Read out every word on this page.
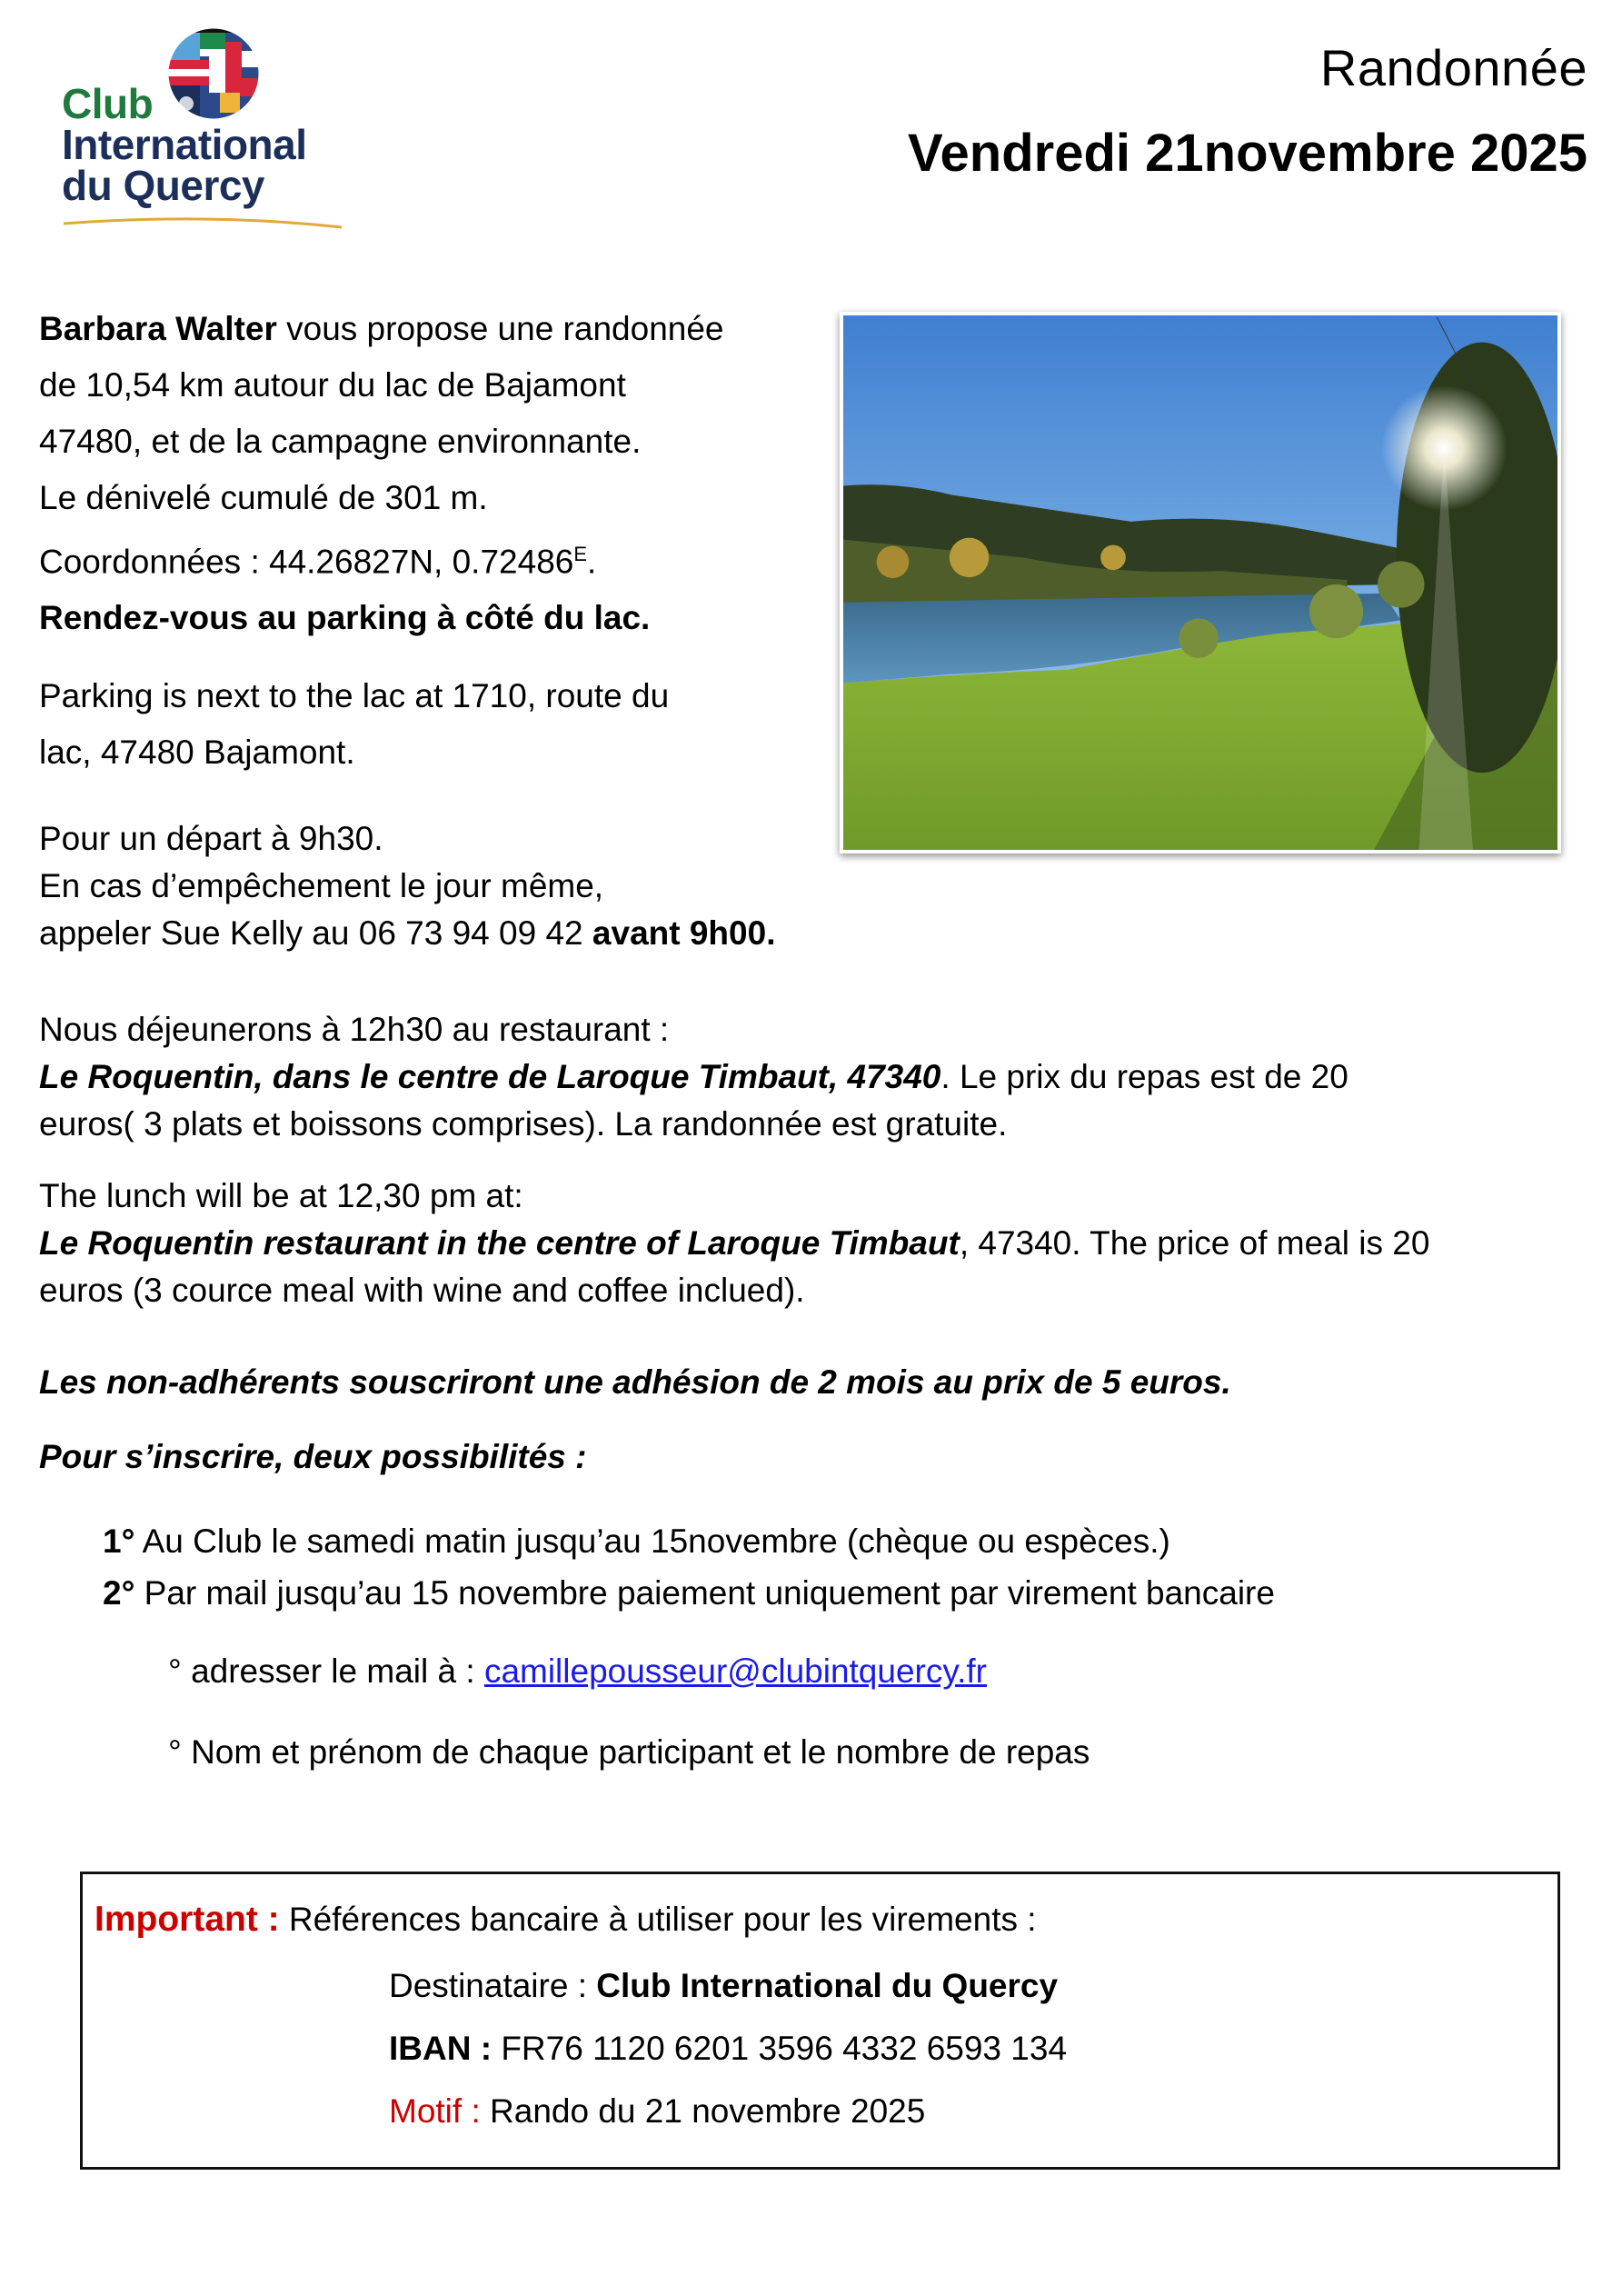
Club
International
du Quercy
Randonnée
Vendredi 21novembre 2025
Barbara Walter vous propose une randonnée
de 10,54 km autour du lac de Bajamont
47480, et de la campagne environnante.
Le dénivelé cumulé de 301 m.
Coordonnées : 44.26827N, $0.72486^E$.
Rendez-vous au parking à côté du lac.
Parking is next to the lac at 1710, route du
lac, 47480 Bajamont.
Pour un départ à 9h30.
En cas d’empêchement le jour même,
appeler Sue Kelly au 06 73 94 09 42 avant 9h00.
Nous déjeunerons à 12h30 au restaurant :
Le Roquentin, dans le centre de Laroque Timbaut, 47340. Le prix du repas est de 20
euros( 3 plats et boissons comprises). La randonnée est gratuite.
The lunch will be at 12,30 pm at:
Le Roquentin restaurant in the centre of Laroque Timbaut, 47340. The price of meal is 20
euros (3 cource meal with wine and coffee inclued).
Les non-adhérents souscriront une adhésion de 2 mois au prix de 5 euros.
Pour s’inscrire, deux possibilités :
1° Au Club le samedi matin jusqu’au 15novembre (chèque ou espèces.)
2° Par mail jusqu’au 15 novembre paiement uniquement par virement bancaire
° adresser le mail à : camillepousseur@clubintquercy.fr
° Nom et prénom de chaque participant et le nombre de repas
Important : Références bancaire à utiliser pour les virements :
Destinataire : Club International du Quercy
IBAN : FR76 1120 6201 3596 4332 6593 134
Motif : Rando du 21 novembre 2025
